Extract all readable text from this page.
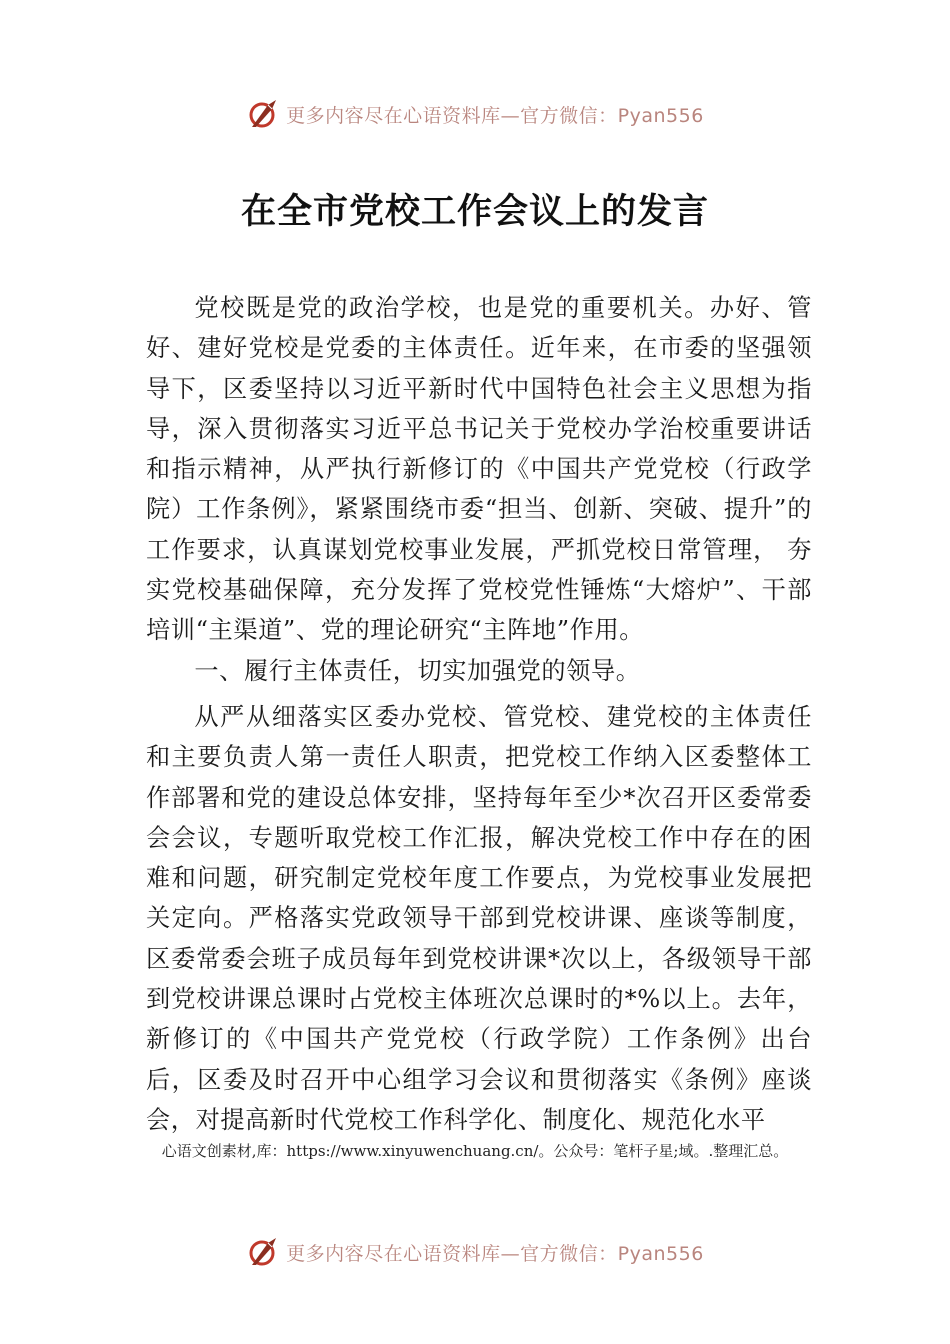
更多内容尽在心语资料库—官方微信：Pyan556
在全市党校工作会议上的发言

党校既是党的政治学校，也是党的重要机关。办好、管好、建好党校是党委的主体责任。近年来，在市委的坚强领导下，区委坚持以习近平新时代中国特色社会主义思想为指导，深入贯彻落实习近平总书记关于党校办学治校重要讲话和指示精神，从严执行新修订的《中国共产党党校（行政学院）工作条例》，紧紧围绕市委“担当、创新、突破、提升”的工作要求，认真谋划党校事业发展，严抓党校日常管理， 夯实党校基础保障，充分发挥了党校党性锤炼“大熔炉”、干部培训“主渠道”、党的理论研究“主阵地”作用。

一、履行主体责任，切实加强党的领导。

从严从细落实区委办党校、管党校、建党校的主体责任和主要负责人第一责任人职责，把党校工作纳入区委整体工作部署和党的建设总体安排，坚持每年至少*次召开区委常委会会议，专题听取党校工作汇报，解决党校工作中存在的困难和问题，研究制定党校年度工作要点，为党校事业发展把关定向。严格落实党政领导干部到党校讲课、座谈等制度，区委常委会班子成员每年到党校讲课*次以上，各级领导干部到党校讲课总课时占党校主体班次总课时的*%以上。去年，新修订的《中国共产党党校（行政学院）工作条例》出台后，区委及时召开中心组学习会议和贯彻落实《条例》座谈会，对提高新时代党校工作科学化、制度化、规范化水平

心语文创素材,库：https://www.xinyuwenchuang.cn/。公众号：笔杆子星;域。.整理汇总。
更多内容尽在心语资料库—官方微信：Pyan556
